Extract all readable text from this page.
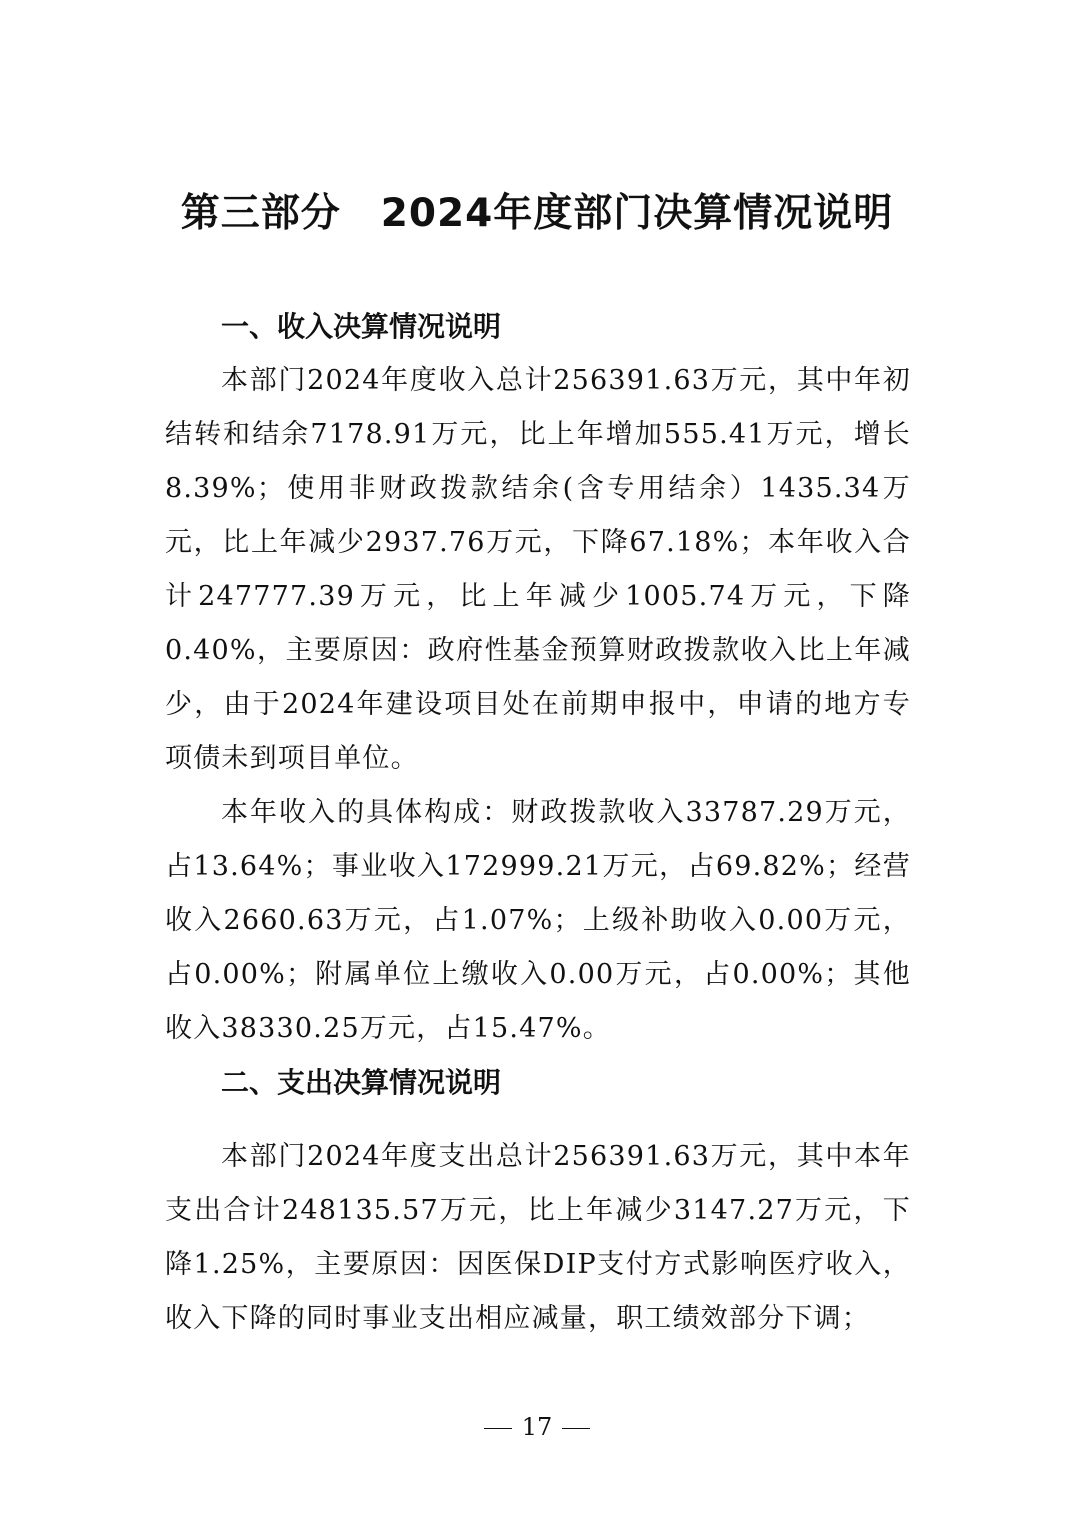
第三部分　2024年度部门决算情况说明
一、收入决算情况说明

本部门2024年度收入总计256391.63万元，其中年初结转和结余7178.91万元，比上年增加555.41万元，增长8.39%；使用非财政拨款结余(含专用结余）1435.34万元，比上年减少2937.76万元，下降67.18%；本年收入合计247777.39万元，比上年减少1005.74万元，下降0.40%，主要原因：政府性基金预算财政拨款收入比上年减少，由于2024年建设项目处在前期申报中，申请的地方专项债未到项目单位。

本年收入的具体构成：财政拨款收入33787.29万元，占13.64%；事业收入172999.21万元，占69.82%；经营收入2660.63万元，占1.07%；上级补助收入0.00万元，占0.00%；附属单位上缴收入0.00万元，占0.00%；其他收入38330.25万元，占15.47%。

二、支出决算情况说明

本部门2024年度支出总计256391.63万元，其中本年支出合计248135.57万元，比上年减少3147.27万元，下降1.25%，主要原因：因医保DIP支付方式影响医疗收入，收入下降的同时事业支出相应减量，职工绩效部分下调；

17
